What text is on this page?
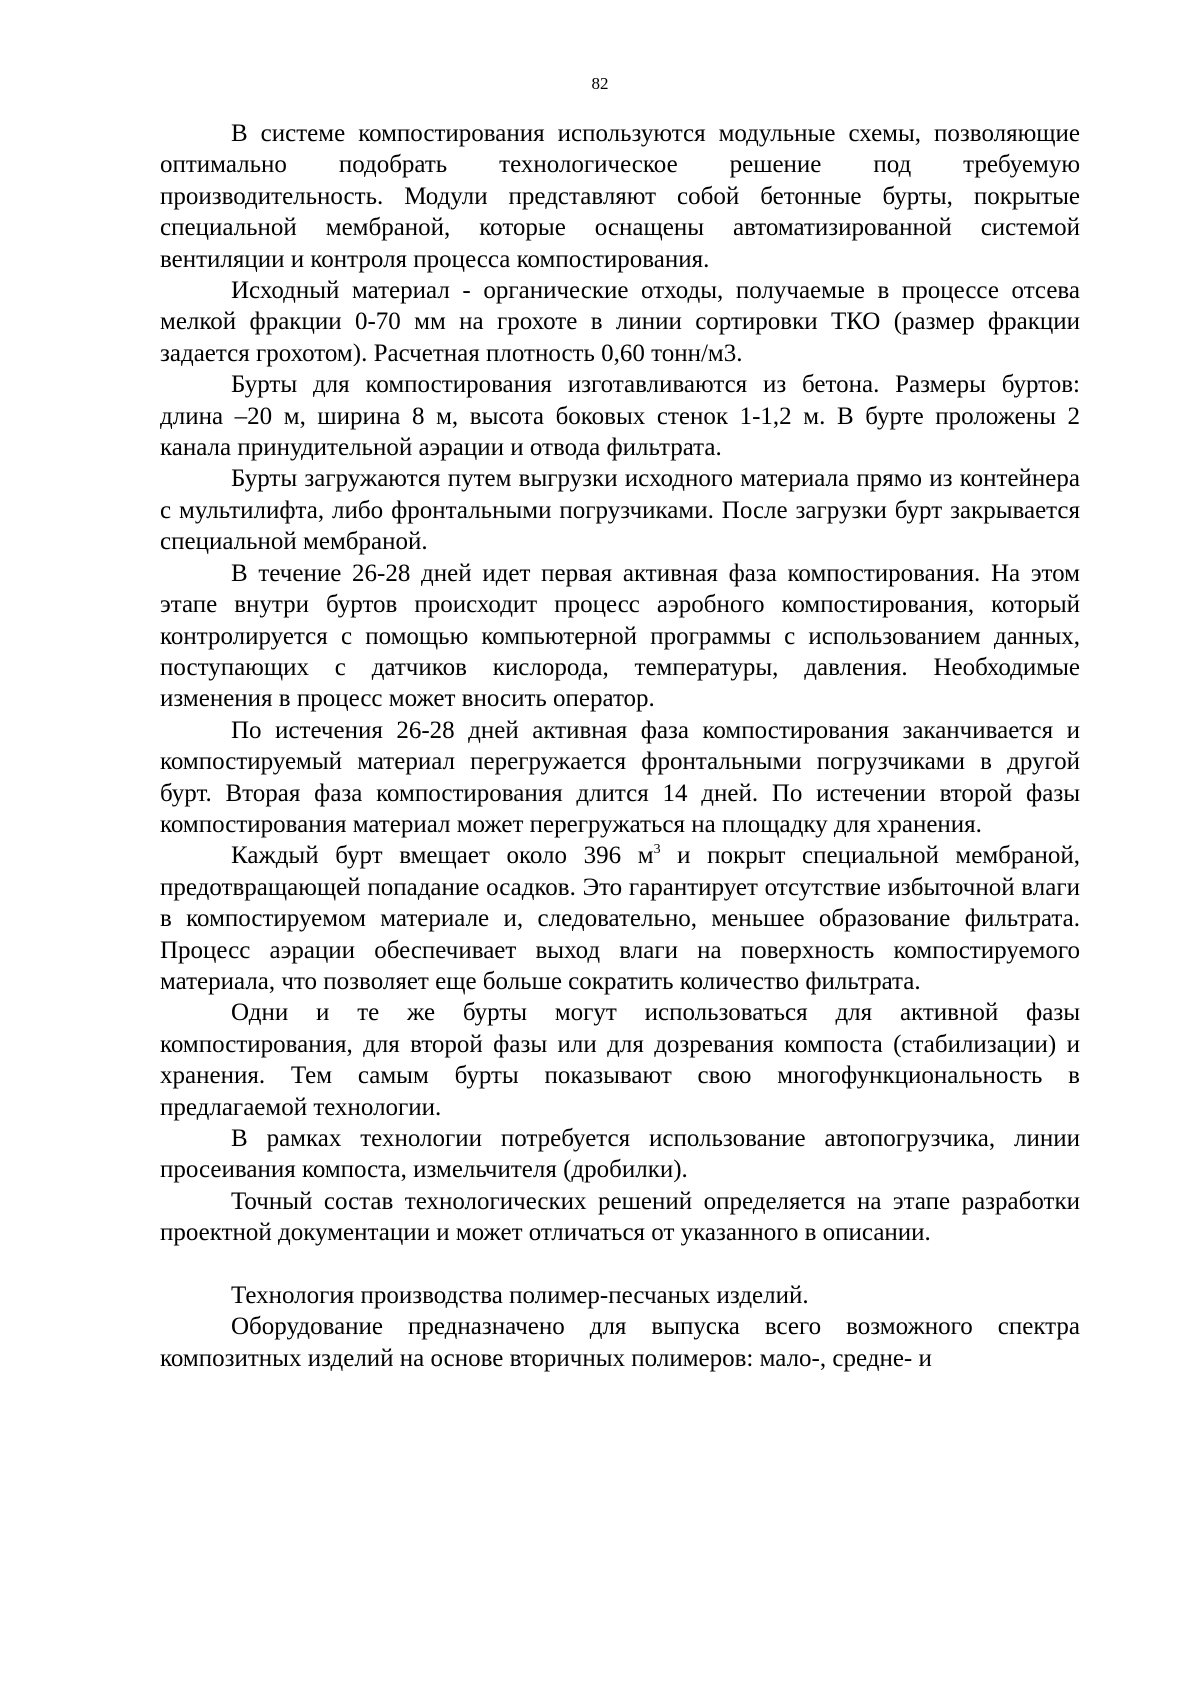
82

В системе компостирования используются модульные схемы, позволяющие оптимально подобрать технологическое решение под требуемую производительность. Модули представляют собой бетонные бурты, покрытые специальной мембраной, которые оснащены автоматизированной системой вентиляции и контроля процесса компостирования.

Исходный материал - органические отходы, получаемые в процессе отсева мелкой фракции 0-70 мм на грохоте в линии сортировки ТКО (размер фракции задается грохотом). Расчетная плотность 0,60 тонн/м3.

Бурты для компостирования изготавливаются из бетона. Размеры буртов: длина –20 м, ширина 8 м, высота боковых стенок 1-1,2 м. В бурте проложены 2 канала принудительной аэрации и отвода фильтрата.

Бурты загружаются путем выгрузки исходного материала прямо из контейнера с мультилифта, либо фронтальными погрузчиками. После загрузки бурт закрывается специальной мембраной.

В течение 26-28 дней идет первая активная фаза компостирования. На этом этапе внутри буртов происходит процесс аэробного компостирования, который контролируется с помощью компьютерной программы с использованием данных, поступающих с датчиков кислорода, температуры, давления. Необходимые изменения в процесс может вносить оператор.

По истечения 26-28 дней активная фаза компостирования заканчивается и компостируемый материал перегружается фронтальными погрузчиками в другой бурт. Вторая фаза компостирования длится 14 дней. По истечении второй фазы компостирования материал может перегружаться на площадку для хранения.

Каждый бурт вмещает около 396 $м^3$ и покрыт специальной мембраной, предотвращающей попадание осадков. Это гарантирует отсутствие избыточной влаги в компостируемом материале и, следовательно, меньшее образование фильтрата. Процесс аэрации обеспечивает выход влаги на поверхность компостируемого материала, что позволяет еще больше сократить количество фильтрата.

Одни и те же бурты могут использоваться для активной фазы компостирования, для второй фазы или для дозревания компоста (стабилизации) и хранения. Тем самым бурты показывают свою многофункциональность в предлагаемой технологии.

В рамках технологии потребуется использование автопогрузчика, линии просеивания компоста, измельчителя (дробилки).

Точный состав технологических решений определяется на этапе разработки проектной документации и может отличаться от указанного в описании.

Технология производства полимер-песчаных изделий.

Оборудование предназначено для выпуска всего возможного спектра композитных изделий на основе вторичных полимеров: мало-, средне- и
